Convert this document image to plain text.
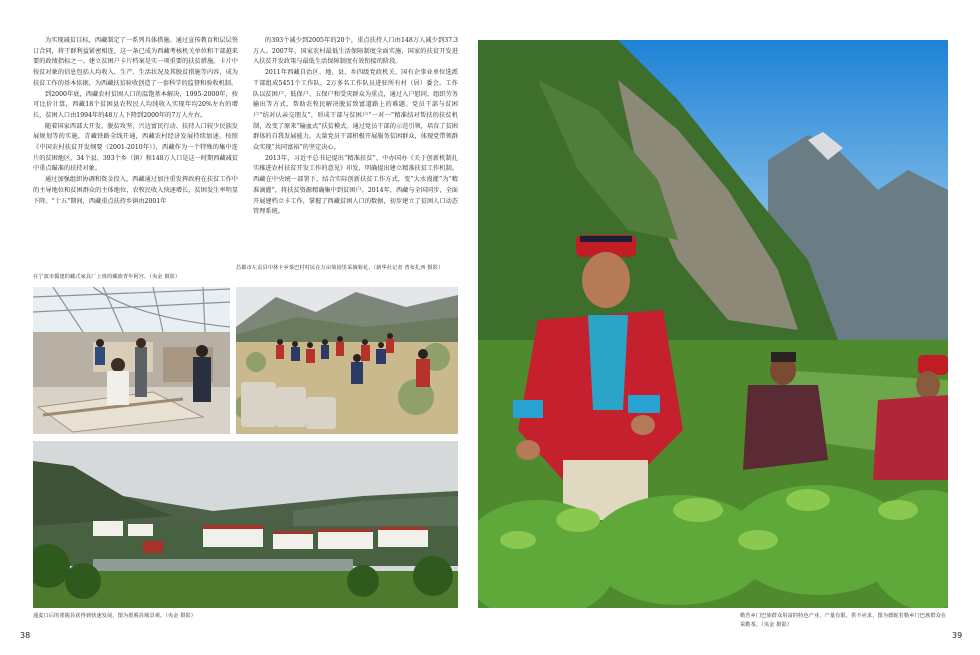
为实现减贫目标，西藏制定了一系列具体措施。通过宣传教育和层层签订合同，将干群利益紧密相连，这一条已成为西藏考核机关单位和干部越来要的政绩指标之一。建立贫困户卡片档案是实一项重要的扶贫措施。卡片中按贫对象的信息包括人均收入、生产、生活状况及其脱贫措施等内容，成为扶贫工作的基本依据，为西藏扶贫验收创造了一套科学的监督和验收机制。

到2000年底，西藏农村贫困人口的温饱基本解决，1995-2000年，按可比价计算，西藏18个贫困县农牧民人均纯收入实现年均20%左右的增长，贫困人口由1994年的48万人下降到2000年的7万人左右。

随着国家西部大开发、脱贫攻坚、兴边富民行动、扶持人口较少民族发展规划等的实施，青藏铁路全线开通，西藏农村经济发展持续加速。按照《中国农村扶贫开发纲要（2001-2010年）》，西藏作为一个特殊的集中连片的贫困地区，34个县、393个乡（镇）和148万人口是这一时期西藏减贫中重点瞄准的扶持对象。

通过加强组织协调和资金投入，西藏通过加注重发挥政府在扶贫工作中的主导地位和贫困群众的主体地位，农牧民收入快速增长，贫困发生率明显下降。“十五”期间，西藏重点扶持乡镇由2001年

的393个减少到2005年的20个，重点扶持人口由148万人减少到37.3万人。2007年，国家农村最低生活保障制度全面实施，国家的扶贫开发进入扶贫开发政策与最低生活保障制度有效衔接的阶段。

2011年西藏自治区、地、县、乡四级党政机关、国有企事业单位选派干部组成5451个工作队，2万多名工作队员进驻所有村（居）委会。工作队以贫困户、低保户、五保户和受灾群众为重点，通过入户慰问，组织劳务输出等方式，帮助农牧民解决脱贫致富道路上的难题。党员干部与贫困户“结对认亲交朋友”，形成干部与贫困户“一对一”精准结对帮扶的扶贫机制，改变了原来“输血式”扶贫模式。通过党员干部的示范引领，培育了贫困群体的自我发展能力。大量党员干部积极开展服务贫困群众，体现党带领群众实现“共同富裕”的坚定决心。

2013年，习近平总书记提出“精准扶贫”，中办国办《关于创新机制扎实推进农村扶贫开发工作的意见》印发，明确提出建立精准扶贫工作机制。西藏在中央统一部署下，结合实际创新扶贫工作方式，变“大水漫灌”为“精准滴灌”，将扶贫资源精确集中到贫困户。2014年，西藏与全国同步，全面开展建档立卡工作，掌握了西藏贫困人口的数据，初步建立了贫困人口动态管理系统。

在宁波市援建的藏式家具厂上班的藏族青年阿宫。（央金 摄影）
昌都市左贡县中林卡乡茶巴村村民在万亩菊园里采摘菊花。（新华社记者 普布扎西 摄影）
通麦口后的墨脱县获得到快速发展，图为墨脱县城景观。（央金 摄影）
38
勒苦乡门巴族群众用富的特色产业，产量有限、供不应求，图为德蛇若勒乡门巴族群众在采勒茶。（央金 摄影）
39
